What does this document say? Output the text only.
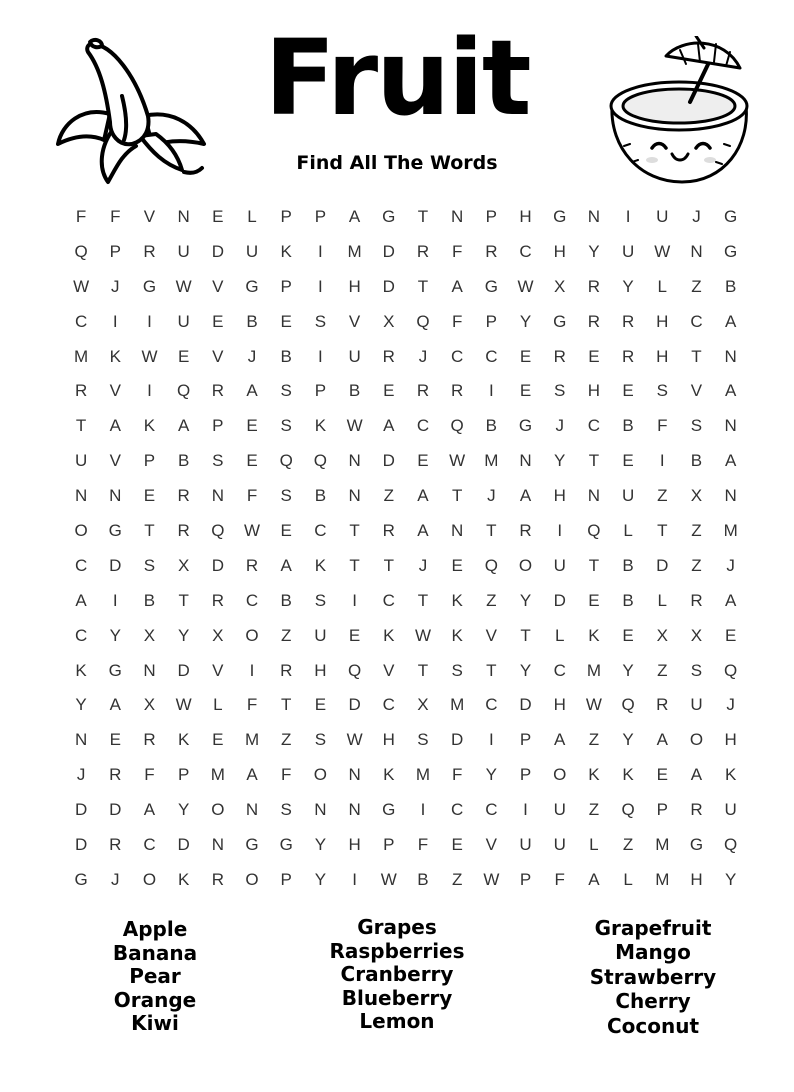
Fruit
Find All The Words
F	F	V	N	E	L	P	P	A	G	T	N	P	H	G	N	I	U	J	G
Q	P	R	U	D	U	K	I	M	D	R	F	R	C	H	Y	U	W	N	G
W	J	G	W	V	G	P	I	H	D	T	A	G	W	X	R	Y	L	Z	B
C	I	I	U	E	B	E	S	V	X	Q	F	P	Y	G	R	R	H	C	A
M	K	W	E	V	J	B	I	U	R	J	C	C	E	R	E	R	H	T	N
R	V	I	Q	R	A	S	P	B	E	R	R	I	E	S	H	E	S	V	A
T	A	K	A	P	E	S	K	W	A	C	Q	B	G	J	C	B	F	S	N
U	V	P	B	S	E	Q	Q	N	D	E	W	M	N	Y	T	E	I	B	A
N	N	E	R	N	F	S	B	N	Z	A	T	J	A	H	N	U	Z	X	N
O	G	T	R	Q	W	E	C	T	R	A	N	T	R	I	Q	L	T	Z	M
C	D	S	X	D	R	A	K	T	T	J	E	Q	O	U	T	B	D	Z	J
A	I	B	T	R	C	B	S	I	C	T	K	Z	Y	D	E	B	L	R	A
C	Y	X	Y	X	O	Z	U	E	K	W	K	V	T	L	K	E	X	X	E
K	G	N	D	V	I	R	H	Q	V	T	S	T	Y	C	M	Y	Z	S	Q
Y	A	X	W	L	F	T	E	D	C	X	M	C	D	H	W	Q	R	U	J
N	E	R	K	E	M	Z	S	W	H	S	D	I	P	A	Z	Y	A	O	H
J	R	F	P	M	A	F	O	N	K	M	F	Y	P	O	K	K	E	A	K
D	D	A	Y	O	N	S	N	N	G	I	C	C	I	U	Z	Q	P	R	U
D	R	C	D	N	G	G	Y	H	P	F	E	V	U	U	L	Z	M	G	Q
G	J	O	K	R	O	P	Y	I	W	B	Z	W	P	F	A	L	M	H	Y
Apple
Banana
Pear
Orange
Kiwi
Grapes
Raspberries
Cranberry
Blueberry
Lemon
Grapefruit
Mango
Strawberry
Cherry
Coconut
